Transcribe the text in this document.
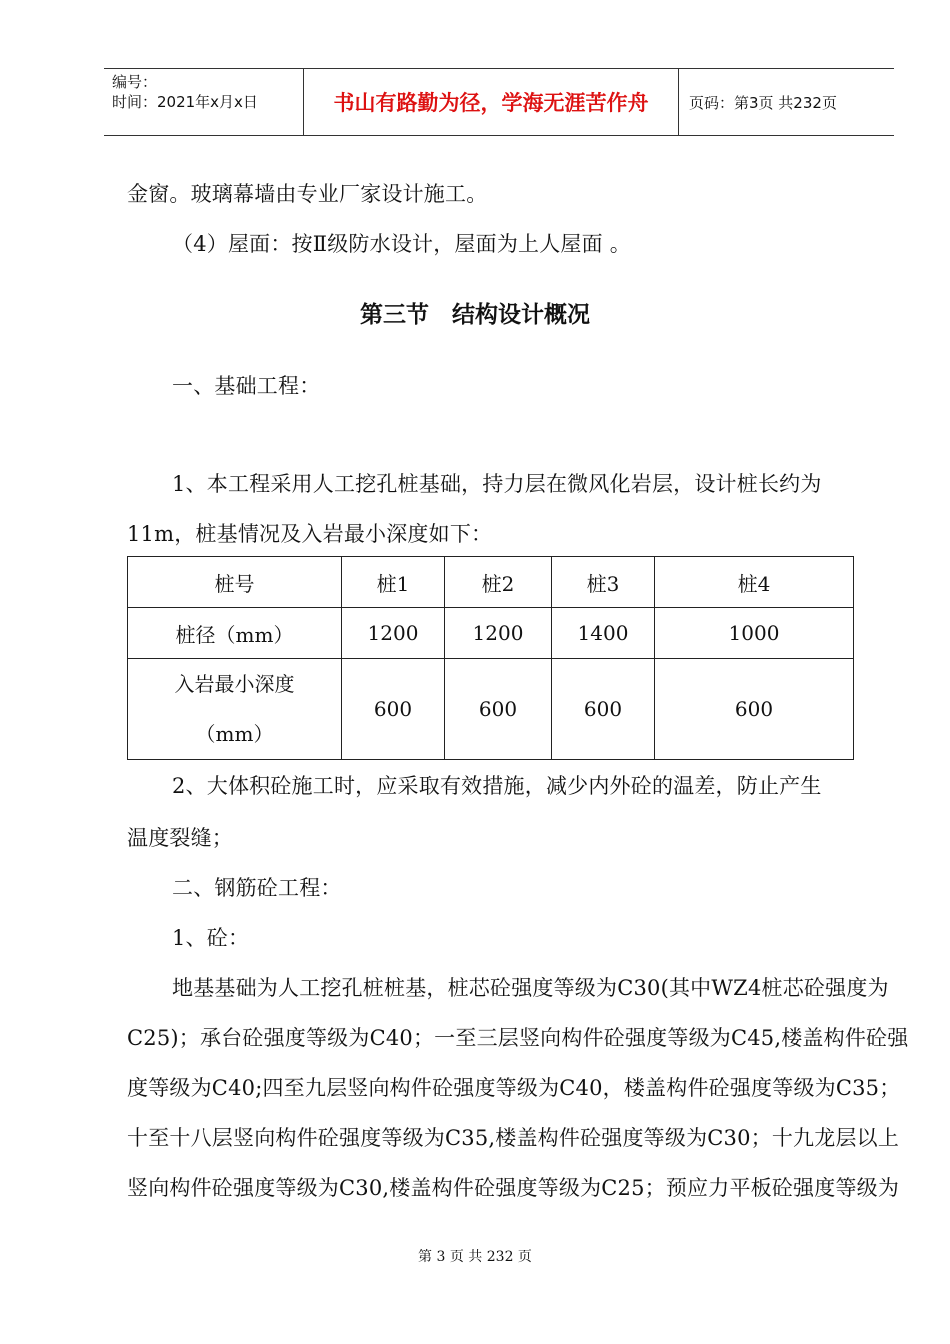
编号：
时间：2021年x月x日	书山有路勤为径，学海无涯苦作舟	页码：第3页 共232页
金窗。玻璃幕墙由专业厂家设计施工。
（4）屋面：按Ⅱ级防水设计，屋面为上人屋面 。
第三节　结构设计概况
一、基础工程：
1、本工程采用人工挖孔桩基础，持力层在微风化岩层，设计桩长约为
11m，桩基情况及入岩最小深度如下：
桩号	桩1	桩2	桩3	桩4
桩径（mm）	1200	1200	1400	1000

入岩最小深度
（mm）	600	600	600	600
2、大体积砼施工时，应采取有效措施，减少内外砼的温差，防止产生
温度裂缝；
二、钢筋砼工程：
1、砼：
地基基础为人工挖孔桩桩基，桩芯砼强度等级为C30(其中WZ4桩芯砼强度为
C25)；承台砼强度等级为C40；一至三层竖向构件砼强度等级为C45,楼盖构件砼强
度等级为C40;四至九层竖向构件砼强度等级为C40，楼盖构件砼强度等级为C35；
十至十八层竖向构件砼强度等级为C35,楼盖构件砼强度等级为C30；十九龙层以上
竖向构件砼强度等级为C30,楼盖构件砼强度等级为C25；预应力平板砼强度等级为
第 3 页 共 232 页
